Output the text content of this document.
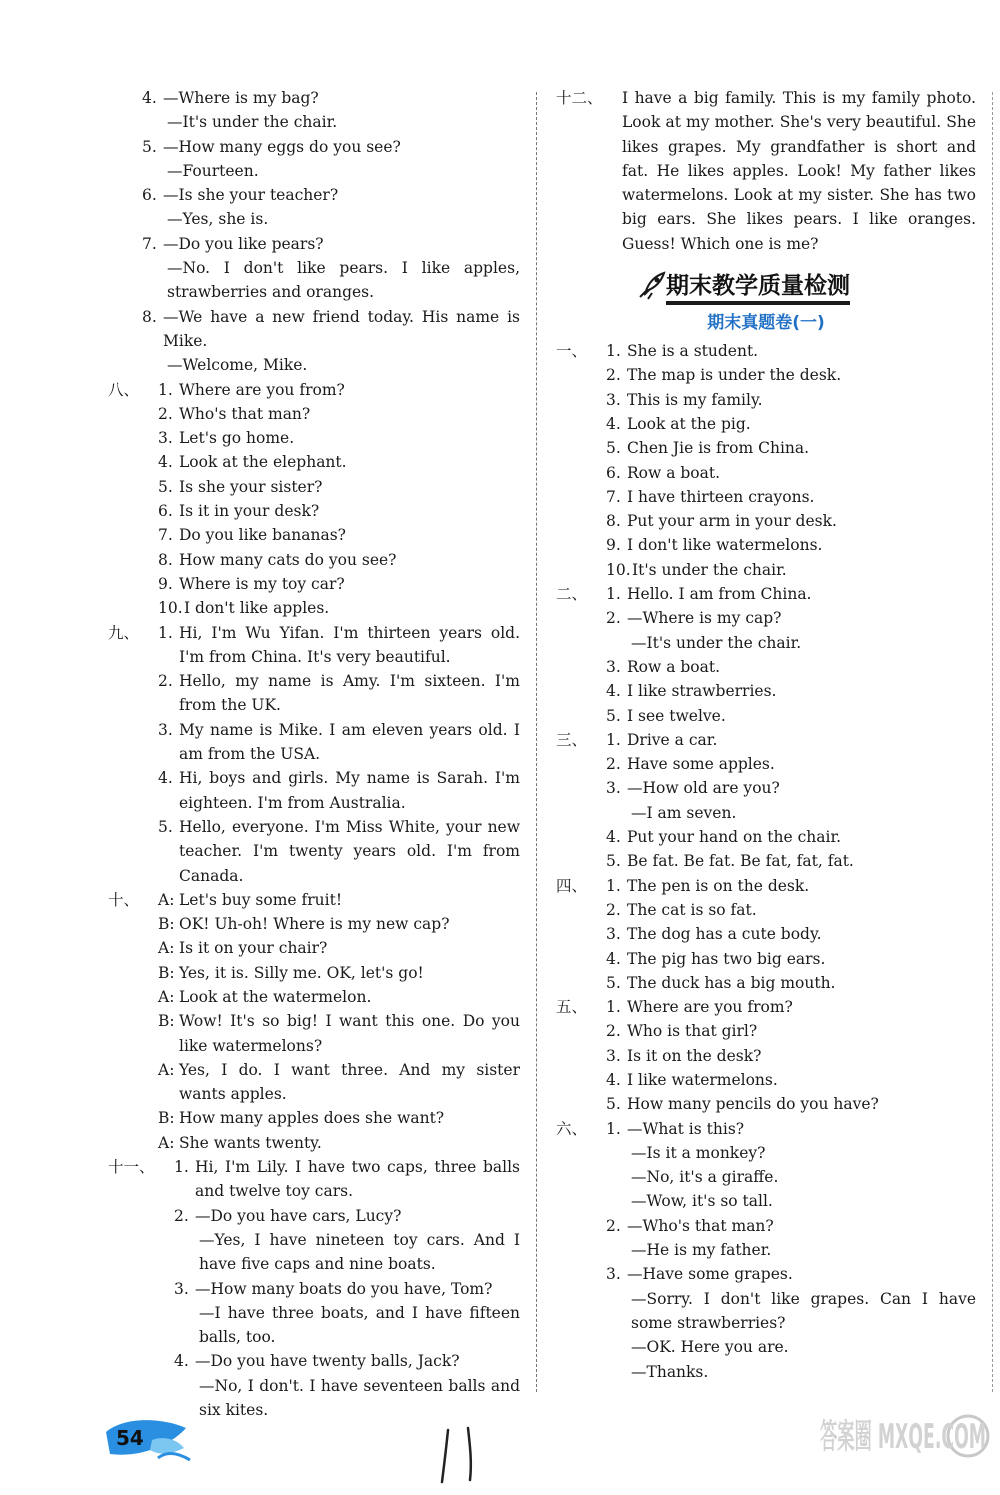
4. —Where is my bag?
—It's under the chair.
5. —How many eggs do you see?
—Fourteen.
6. —Is she your teacher?
—Yes, she is.
7. —Do you like pears?
—No. I don't like pears. I like apples, strawberries and oranges.
8. —We have a new friend today. His name is Mike.
—Welcome, Mike.
八、	1. Where are you from?
2. Who's that man?
3. Let's go home.
4. Look at the elephant.
5. Is she your sister?
6. Is it in your desk?
7. Do you like bananas?
8. How many cats do you see?
9. Where is my toy car?
10. I don't like apples.
九、	1. Hi, I'm Wu Yifan. I'm thirteen years old. I'm from China. It's very beautiful.
2. Hello, my name is Amy. I'm sixteen. I'm from the UK.
3. My name is Mike. I am eleven years old. I am from the USA.
4. Hi, boys and girls. My name is Sarah. I'm eighteen. I'm from Australia.
5. Hello, everyone. I'm Miss White, your new teacher. I'm twenty years old. I'm from Canada.
十、	A: Let's buy some fruit!
B: OK! Uh-oh! Where is my new cap?
A: Is it on your chair?
B: Yes, it is. Silly me. OK, let's go!
A: Look at the watermelon.
B: Wow! It's so big! I want this one. Do you like watermelons?
A: Yes, I do. I want three. And my sister wants apples.
B: How many apples does she want?
A: She wants twenty.
十一、	1. Hi, I'm Lily. I have two caps, three balls and twelve toy cars.
2. —Do you have cars, Lucy?
—Yes, I have nineteen toy cars. And I have five caps and nine boats.
3. —How many boats do you have, Tom?
—I have three boats, and I have fifteen balls, too.
4. —Do you have twenty balls, Jack?
—No, I don't. I have seventeen balls and six kites.
十二、	I have a big family. This is my family photo. Look at my mother. She's very beautiful. She likes grapes. My grandfather is short and fat. He likes apples. Look! My father likes watermelons. Look at my sister. She has two big ears. She likes pears. I like oranges. Guess! Which one is me?
期末教学质量检测
期末真题卷(一)
一、	1. She is a student.
2. The map is under the desk.
3. This is my family.
4. Look at the pig.
5. Chen Jie is from China.
6. Row a boat.
7. I have thirteen crayons.
8. Put your arm in your desk.
9. I don't like watermelons.
10. It's under the chair.
二、	1. Hello. I am from China.
2. —Where is my cap?
—It's under the chair.
3. Row a boat.
4. I like strawberries.
5. I see twelve.
三、	1. Drive a car.
2. Have some apples.
3. —How old are you?
—I am seven.
4. Put your hand on the chair.
5. Be fat. Be fat. Be fat, fat, fat.
四、	1. The pen is on the desk.
2. The cat is so fat.
3. The dog has a cute body.
4. The pig has two big ears.
5. The duck has a big mouth.
五、	1. Where are you from?
2. Who is that girl?
3. Is it on the desk?
4. I like watermelons.
5. How many pencils do you have?
六、	1. —What is this?
—Is it a monkey?
—No, it's a giraffe.
—Wow, it's so tall.
2. —Who's that man?
—He is my father.
3. —Have some grapes.
—Sorry. I don't like grapes. Can I have some strawberries?
—OK. Here you are.
—Thanks.
54	答案圈 MXQE.COM
